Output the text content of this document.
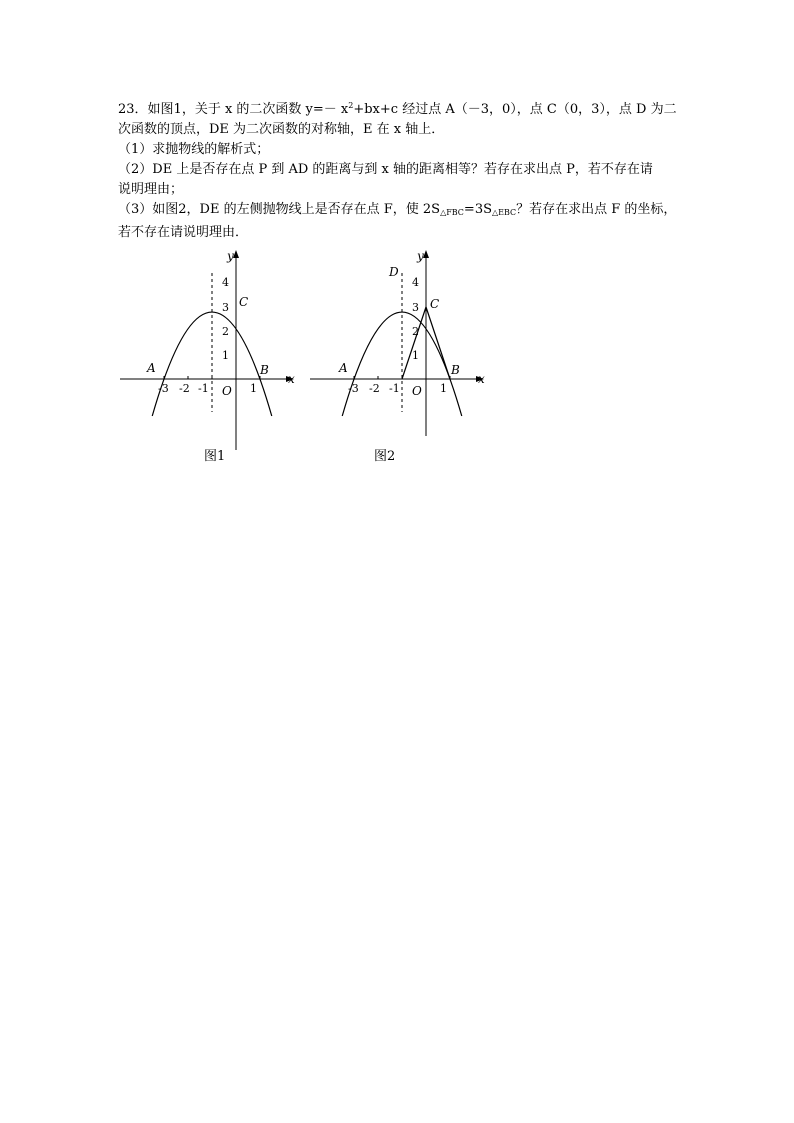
23．如图1，关于 x 的二次函数 $y=- x^2+bx+c$ 经过点 A（－3，0），点 C（0，3），点 D 为二
次函数的顶点，DE 为二次函数的对称轴，E 在 x 轴上．
（1）求抛物线的解析式；
（2）DE 上是否存在点 P 到 AD 的距离与到 x 轴的距离相等？若存在求出点 P，若不存在请
说明理由；
（3）如图2，DE 的左侧抛物线上是否存在点 F，使 $2S_{\triangle FBC}=3S_{\triangle EBC}$？若存在求出点 F 的坐标，
若不存在请说明理由．
-3 -2 -1	1
1
2
3
4
A	B
C
O
x
y
图1
-3 -2 -1	1
1
2
3
4
A	B
C
D
O
x
y
图2
